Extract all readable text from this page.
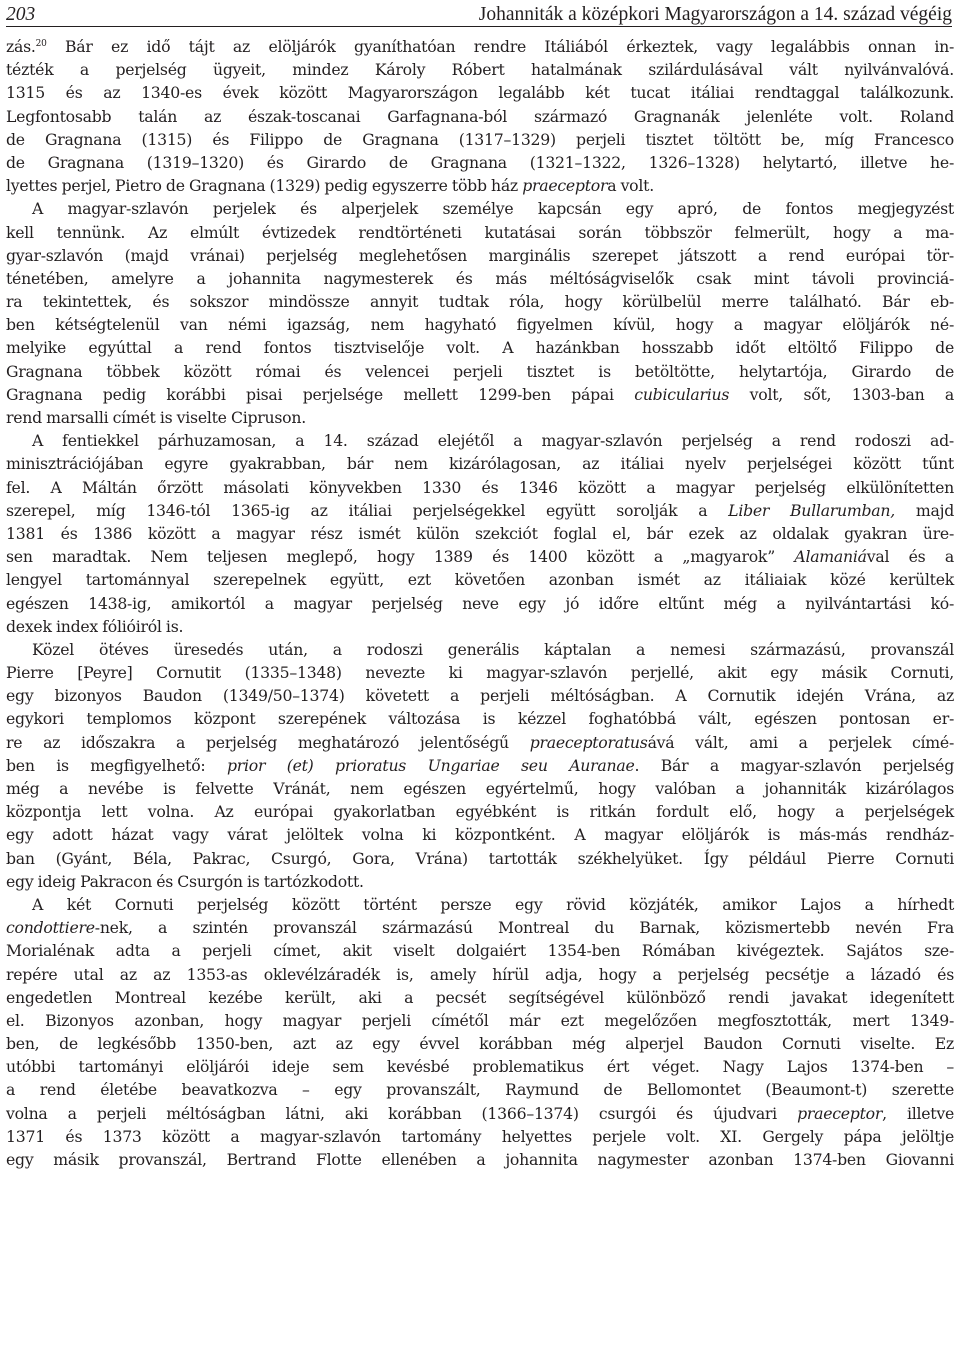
203	Johanniták a középkori Magyarországon a 14. század végéig
zás.$^{20}$ Bár ez idő tájt az elöljárók gyaníthatóan rendre Itáliából érkeztek, vagy legalábbis onnan in-
tézték a perjelség ügyeit, mindez Károly Róbert hatalmának szilárdulásával vált nyilvánvalóvá.
1315 és az 1340-es évek között Magyarországon legalább két tucat itáliai rendtaggal találkozunk.
Legfontosabb talán az észak-toscanai Garfagnana-ból származó Gragnanák jelenléte volt. Roland
de Gragnana (1315) és Filippo de Gragnana (1317–1329) perjeli tisztet töltött be, míg Francesco
de Gragnana (1319–1320) és Girardo de Gragnana (1321–1322, 1326–1328) helytartó, illetve he-
lyettes perjel, Pietro de Gragnana (1329) pedig egyszerre több ház praeceptora volt.
A magyar-szlavón perjelek és alperjelek személye kapcsán egy apró, de fontos megjegyzést
kell tennünk. Az elmúlt évtizedek rendtörténeti kutatásai során többször felmerült, hogy a ma-
gyar-szlavón (majd vránai) perjelség meglehetősen marginális szerepet játszott a rend európai tör-
ténetében, amelyre a johannita nagymesterek és más méltóságviselők csak mint távoli provinciá-
ra tekintettek, és sokszor mindössze annyit tudtak róla, hogy körülbelül merre található. Bár eb-
ben kétségtelenül van némi igazság, nem hagyható figyelmen kívül, hogy a magyar elöljárók né-
melyike egyúttal a rend fontos tisztviselője volt. A hazánkban hosszabb időt eltöltő Filippo de
Gragnana többek között római és velencei perjeli tisztet is betöltötte, helytartója, Girardo de
Gragnana pedig korábbi pisai perjelsége mellett 1299-ben pápai cubicularius volt, sőt, 1303-ban a
rend marsalli címét is viselte Cipruson.
A fentiekkel párhuzamosan, a 14. század elejétől a magyar-szlavón perjelség a rend rodoszi ad-
minisztrációjában egyre gyakrabban, bár nem kizárólagosan, az itáliai nyelv perjelségei között tűnt
fel. A Máltán őrzött másolati könyvekben 1330 és 1346 között a magyar perjelség elkülönítetten
szerepel, míg 1346-tól 1365-ig az itáliai perjelségekkel együtt sorolják a Liber Bullarumban, majd
1381 és 1386 között a magyar rész ismét külön szekciót foglal el, bár ezek az oldalak gyakran üre-
sen maradtak. Nem teljesen meglepő, hogy 1389 és 1400 között a „magyarok” Alamaniával és a
lengyel tartománnyal szerepelnek együtt, ezt követően azonban ismét az itáliaiak közé kerültek
egészen 1438-ig, amikortól a magyar perjelség neve egy jó időre eltűnt még a nyilvántartási kó-
dexek index fólióiról is.
Közel ötéves üresedés után, a rodoszi generális káptalan a nemesi származású, provanszál
Pierre [Peyre] Cornutit (1335–1348) nevezte ki magyar-szlavón perjellé, akit egy másik Cornuti,
egy bizonyos Baudon (1349/50–1374) követett a perjeli méltóságban. A Cornutik idején Vrána, az
egykori templomos központ szerepének változása is kézzel foghatóbbá vált, egészen pontosan er-
re az időszakra a perjelség meghatározó jelentőségű praeceptoratusává vált, ami a perjelek címé-
ben is megfigyelhető: prior (et) prioratus Ungariae seu Auranae. Bár a magyar-szlavón perjelség
még a nevébe is felvette Vránát, nem egészen egyértelmű, hogy valóban a johanniták kizárólagos
központja lett volna. Az európai gyakorlatban egyébként is ritkán fordult elő, hogy a perjelségek
egy adott házat vagy várat jelöltek volna ki központként. A magyar elöljárók is más-más rendház-
ban (Gyánt, Béla, Pakrac, Csurgó, Gora, Vrána) tartották székhelyüket. Így például Pierre Cornuti
egy ideig Pakracon és Csurgón is tartózkodott.
A két Cornuti perjelség között történt persze egy rövid közjáték, amikor Lajos a hírhedt
condottiere-nek, a szintén provanszál származású Montreal du Barnak, közismertebb nevén Fra
Morialénak adta a perjeli címet, akit viselt dolgaiért 1354-ben Rómában kivégeztek. Sajátos sze-
repére utal az az 1353-as oklevélzáradék is, amely hírül adja, hogy a perjelség pecsétje a lázadó és
engedetlen Montreal kezébe került, aki a pecsét segítségével különböző rendi javakat idegenített
el. Bizonyos azonban, hogy magyar perjeli címétől már ezt megelőzően megfosztották, mert 1349-
ben, de legkésőbb 1350-ben, azt az egy évvel korábban még alperjel Baudon Cornuti viselte. Ez
utóbbi tartományi elöljárói ideje sem kevésbé problematikus ért véget. Nagy Lajos 1374-ben –
a rend életébe beavatkozva – egy provanszált, Raymund de Bellomontet (Beaumont-t) szerette
volna a perjeli méltóságban látni, aki korábban (1366–1374) csurgói és újudvari praeceptor, illetve
1371 és 1373 között a magyar-szlavón tartomány helyettes perjele volt. XI. Gergely pápa jelöltje
egy másik provanszál, Bertrand Flotte ellenében a johannita nagymester azonban 1374-ben Giovanni
